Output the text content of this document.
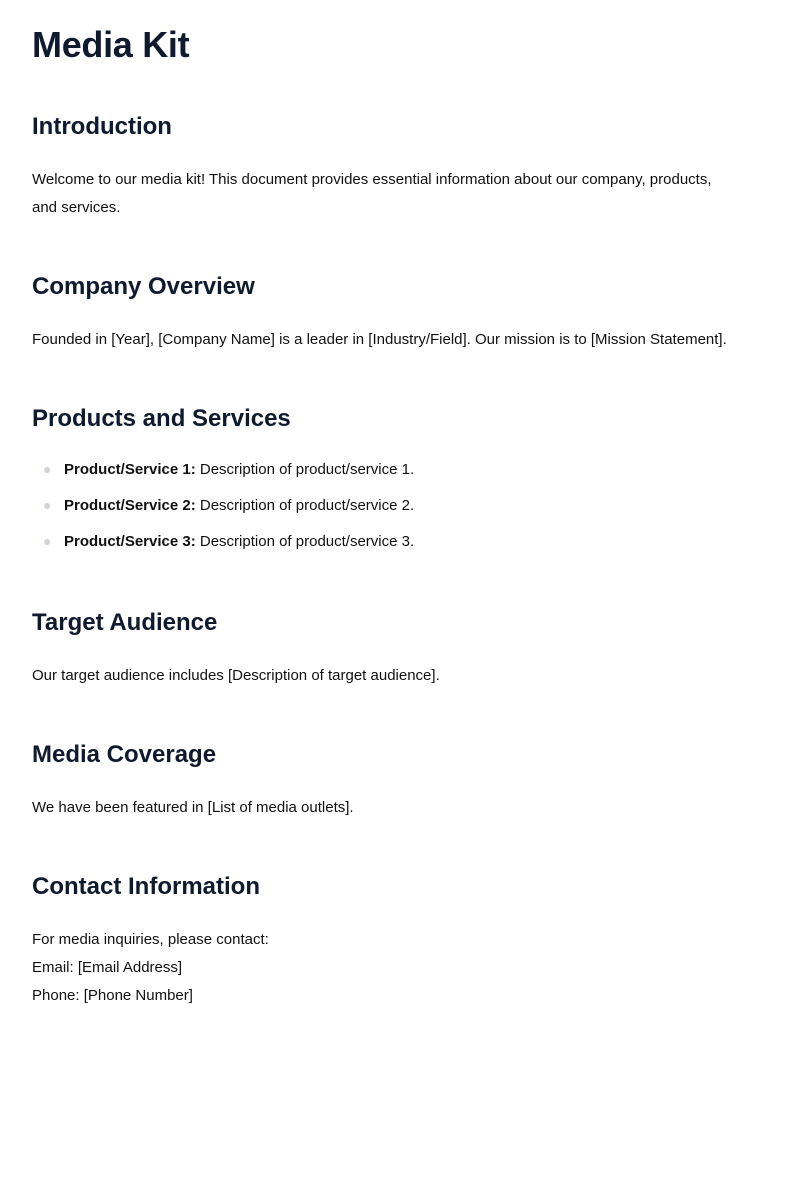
Media Kit
Introduction

Welcome to our media kit! This document provides essential information about our company, products,
and services.

Company Overview

Founded in [Year], [Company Name] is a leader in [Industry/Field]. Our mission is to [Mission Statement].

Products and Services
Product/Service 1: Description of product/service 1.
Product/Service 2: Description of product/service 2.
Product/Service 3: Description of product/service 3.
Target Audience

Our target audience includes [Description of target audience].

Media Coverage

We have been featured in [List of media outlets].

Contact Information

For media inquiries, please contact:
Email: [Email Address]
Phone: [Phone Number]
